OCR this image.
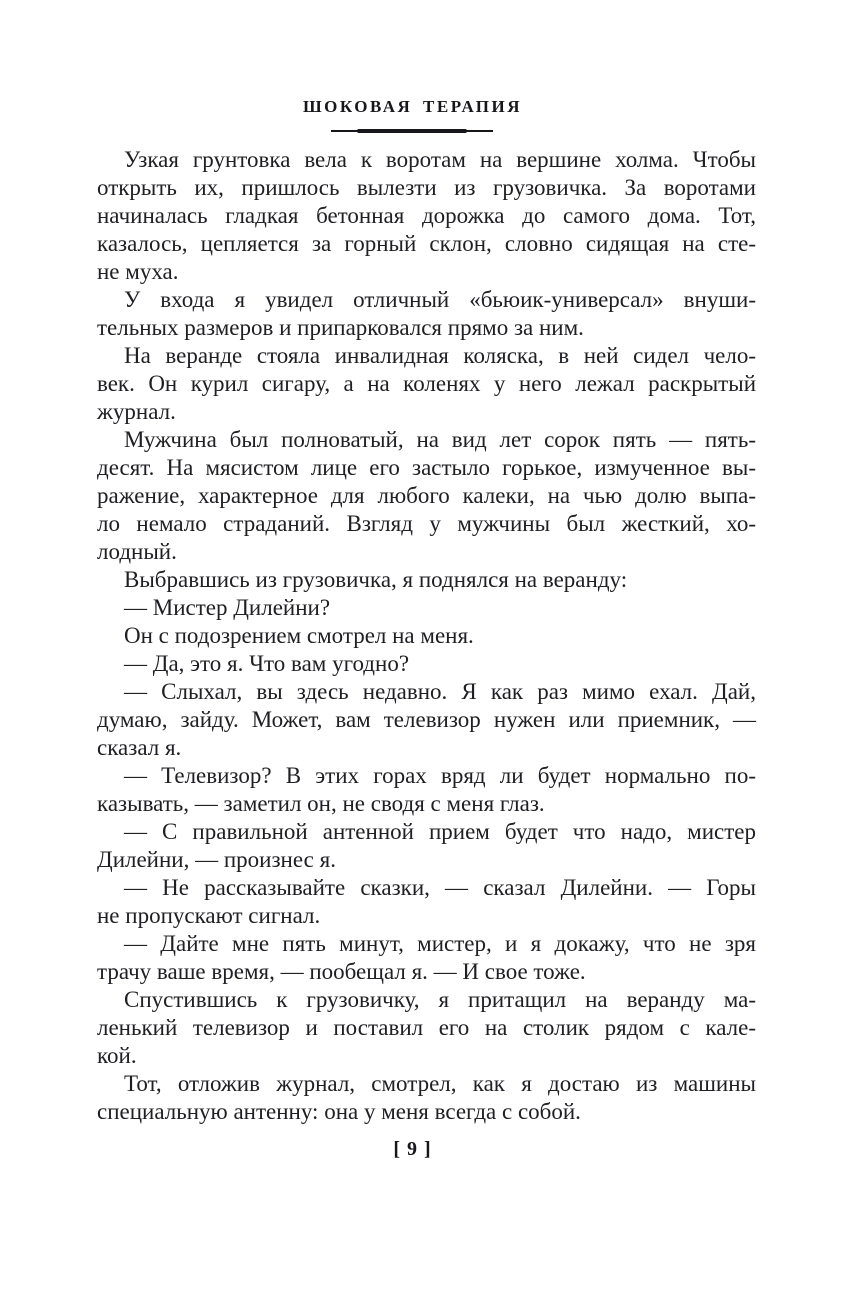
ШОКОВАЯ ТЕРАПИЯ
Узкая грунтовка вела к воротам на вершине холма. Чтобы
открыть их, пришлось вылезти из грузовичка. За воротами
начиналась гладкая бетонная дорожка до самого дома. Тот,
казалось, цепляется за горный склон, словно сидящая на сте-
не муха.
У входа я увидел отличный «бьюик-универсал» внуши-
тельных размеров и припарковался прямо за ним.
На веранде стояла инвалидная коляска, в ней сидел чело-
век. Он курил сигару, а на коленях у него лежал раскрытый
журнал.
Мужчина был полноватый, на вид лет сорок пять — пять-
десят. На мясистом лице его застыло горькое, измученное вы-
ражение, характерное для любого калеки, на чью долю выпа-
ло немало страданий. Взгляд у мужчины был жесткий, хо-
лодный.
Выбравшись из грузовичка, я поднялся на веранду:
— Мистер Дилейни?
Он с подозрением смотрел на меня.
— Да, это я. Что вам угодно?
— Слыхал, вы здесь недавно. Я как раз мимо ехал. Дай,
думаю, зайду. Может, вам телевизор нужен или приемник, —
сказал я.
— Телевизор? В этих горах вряд ли будет нормально по-
казывать, — заметил он, не сводя с меня глаз.
— С правильной антенной прием будет что надо, мистер
Дилейни, — произнес я.
— Не рассказывайте сказки, — сказал Дилейни. — Горы
не пропускают сигнал.
— Дайте мне пять минут, мистер, и я докажу, что не зря
трачу ваше время, — пообещал я. — И свое тоже.
Спустившись к грузовичку, я притащил на веранду ма-
ленький телевизор и поставил его на столик рядом с кале-
кой.
Тот, отложив журнал, смотрел, как я достаю из машины
специальную антенну: она у меня всегда с собой.
[ 9 ]
